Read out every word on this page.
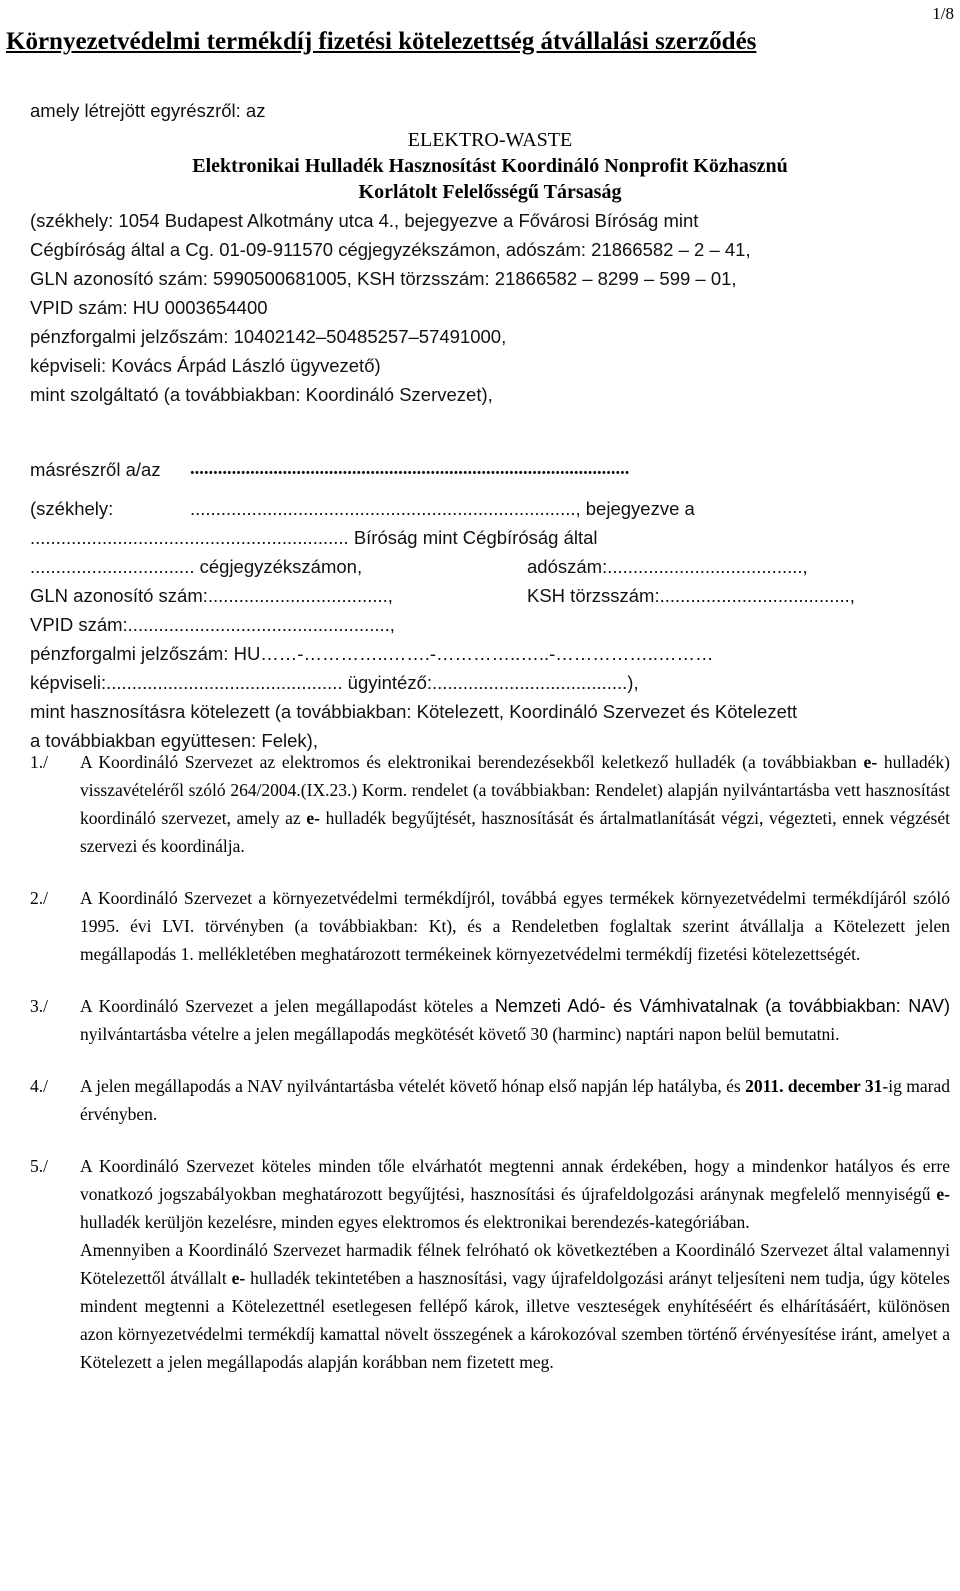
1/8
Környezetvédelmi termékdíj fizetési kötelezettség átvállalási szerződés
amely létrejött egyrészről: az
ELEKTRO-WASTE
Elektronikai Hulladék Hasznosítást Koordináló Nonprofit Közhasznú
Korlátolt Felelősségű Társaság
(székhely: 1054 Budapest Alkotmány utca 4., bejegyezve a Fővárosi Bíróság mint
Cégbíróság által a Cg. 01-09-911570 cégjegyzékszámon, adószám: 21866582 – 2 – 41,
GLN azonosító szám: 5990500681005, KSH törzsszám: 21866582 – 8299 – 599 – 01,
VPID szám: HU 0003654400
pénzforgalmi jelzőszám: 10402142–50485257–57491000,
képviseli: Kovács Árpád László ügyvezető)
mint szolgáltató (a továbbiakban: Koordináló Szervezet),
másrészről a/az ...............................................................................................
(székhely:	..........................................................................., bejegyezve a
.............................................................. Bíróság mint Cégbíróság által
................................ cégjegyzékszámon,	adószám:......................................,
GLN azonosító szám:...................................,	KSH törzsszám:.....................................,
VPID szám:...................................................,
pénzforgalmi jelzőszám: HU……-…………..…….-…………..…..-……………..………
képviseli:.............................................. ügyintéző:......................................),
mint hasznosításra kötelezett (a továbbiakban: Kötelezett, Koordináló Szervezet és Kötelezett
a továbbiakban együttesen: Felek),
1./	A Koordináló Szervezet az elektromos és elektronikai berendezésekből keletkező hulladék (a továbbiakban e- hulladék) visszavételéről szóló 264/2004.(IX.23.) Korm. rendelet (a továbbiakban: Rendelet) alapján nyilvántartásba vett hasznosítást koordináló szervezet, amely az e- hulladék begyűjtését, hasznosítását és ártalmatlanítását végzi, végezteti, ennek végzését szervezi és koordinálja.

2./	A Koordináló Szervezet a környezetvédelmi termékdíjról, továbbá egyes termékek környezetvédelmi termékdíjáról szóló 1995. évi LVI. törvényben (a továbbiakban: Kt), és a Rendeletben foglaltak szerint átvállalja a Kötelezett jelen megállapodás 1. mellékletében meghatározott termékeinek környezetvédelmi termékdíj fizetési kötelezettségét.

3./	A Koordináló Szervezet a jelen megállapodást köteles a Nemzeti Adó- és Vámhivatalnak (a továbbiakban: NAV) nyilvántartásba vételre a jelen megállapodás megkötését követő 30 (harminc) naptári napon belül bemutatni.

4./	A jelen megállapodás a NAV nyilvántartásba vételét követő hónap első napján lép hatályba, és 2011. december 31-ig marad érvényben.

5./	A Koordináló Szervezet köteles minden tőle elvárhatót megtenni annak érdekében, hogy a mindenkor hatályos és erre vonatkozó jogszabályokban meghatározott begyűjtési, hasznosítási és újrafeldolgozási aránynak megfelelő mennyiségű e- hulladék kerüljön kezelésre, minden egyes elektromos és elektronikai berendezés-kategóriában.

Amennyiben a Koordináló Szervezet harmadik félnek felróható ok következtében a Koordináló Szervezet által valamennyi Kötelezettől átvállalt e- hulladék tekintetében a hasznosítási, vagy újrafeldolgozási arányt teljesíteni nem tudja, úgy köteles mindent megtenni a Kötelezettnél esetlegesen fellépő károk, illetve veszteségek enyhítéséért és elhárításáért, különösen azon környezetvédelmi termékdíj kamattal növelt összegének a károkozóval szemben történő érvényesítése iránt, amelyet a Kötelezett a jelen megállapodás alapján korábban nem fizetett meg.
